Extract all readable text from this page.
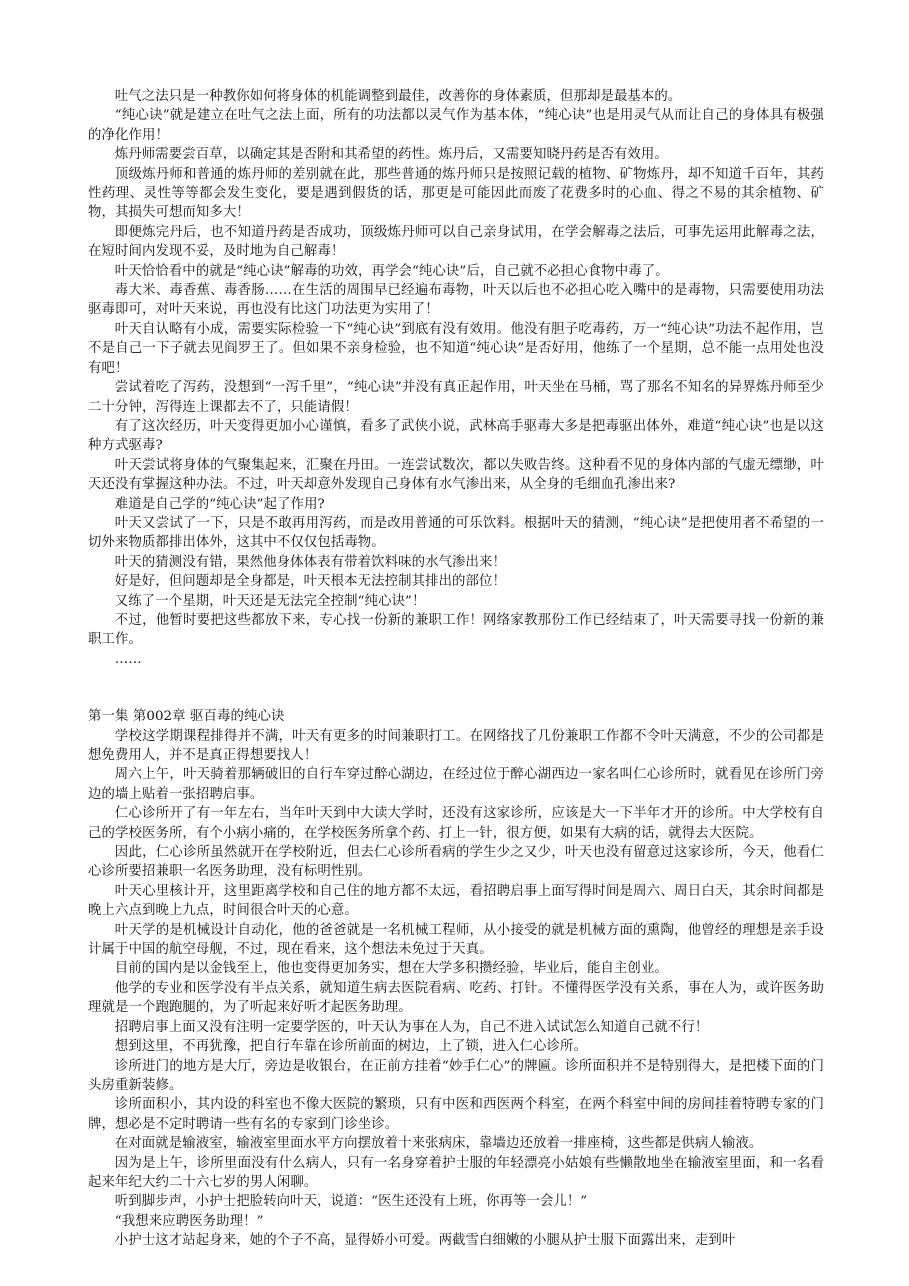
吐气之法只是一种教你如何将身体的机能调整到最佳，改善你的身体素质，但那却是最基本的。

“纯心诀”就是建立在吐气之法上面，所有的功法都以灵气作为基本体，“纯心诀”也是用灵气从而让自己的身体具有极强的净化作用！

炼丹师需要尝百草，以确定其是否附和其希望的药性。炼丹后，又需要知晓丹药是否有效用。

顶级炼丹师和普通的炼丹师的差别就在此，那些普通的炼丹师只是按照记载的植物、矿物炼丹，却不知道千百年，其药性药理、灵性等等都会发生变化，要是遇到假货的话，那更是可能因此而废了花费多时的心血、得之不易的其余植物、矿物，其损失可想而知多大！

即便炼完丹后，也不知道丹药是否成功，顶级炼丹师可以自己亲身试用，在学会解毒之法后，可事先运用此解毒之法，在短时间内发现不妥，及时地为自己解毒！

叶天恰恰看中的就是“纯心诀”解毒的功效，再学会“纯心诀”后，自己就不必担心食物中毒了。

毒大米、毒香蕉、毒香肠……在生活的周围早已经遍布毒物，叶天以后也不必担心吃入嘴中的是毒物，只需要使用功法驱毒即可，对叶天来说，再也没有比这门功法更为实用了！

叶天自认略有小成，需要实际检验一下“纯心诀”到底有没有效用。他没有胆子吃毒药，万一“纯心诀”功法不起作用，岂不是自己一下子就去见阎罗王了。但如果不亲身检验，也不知道“纯心诀”是否好用，他练了一个星期，总不能一点用处也没有吧！

尝试着吃了泻药，没想到“一泻千里”，“纯心诀”并没有真正起作用，叶天坐在马桶，骂了那名不知名的异界炼丹师至少二十分钟，泻得连上课都去不了，只能请假！

有了这次经历，叶天变得更加小心谨慎，看多了武侠小说，武林高手驱毒大多是把毒驱出体外，难道“纯心诀”也是以这种方式驱毒?

叶天尝试将身体的气聚集起来，汇聚在丹田。一连尝试数次，都以失败告终。这种看不见的身体内部的气虚无缥缈，叶天还没有掌握这种办法。不过，叶天却意外发现自己身体有水气渗出来，从全身的毛细血孔渗出来?

难道是自己学的“纯心诀”起了作用?

叶天又尝试了一下，只是不敢再用泻药，而是改用普通的可乐饮料。根据叶天的猜测，“纯心诀”是把使用者不希望的一切外来物质都排出体外，这其中不仅仅包括毒物。

叶天的猜测没有错，果然他身体体表有带着饮料味的水气渗出来！

好是好，但问题却是全身都是，叶天根本无法控制其排出的部位！

又练了一个星期，叶天还是无法完全控制“纯心诀”！

不过，他暂时要把这些都放下来，专心找一份新的兼职工作！网络家教那份工作已经结束了，叶天需要寻找一份新的兼职工作。

……

第一集 第002章 驱百毒的纯心诀

学校这学期课程排得并不满，叶天有更多的时间兼职打工。在网络找了几份兼职工作都不令叶天满意，不少的公司都是想免费用人，并不是真正得想要找人！

周六上午，叶天骑着那辆破旧的自行车穿过醉心湖边，在经过位于醉心湖西边一家名叫仁心诊所时，就看见在诊所门旁边的墙上贴着一张招聘启事。

仁心诊所开了有一年左右，当年叶天到中大读大学时，还没有这家诊所，应该是大一下半年才开的诊所。中大学校有自己的学校医务所，有个小病小痛的，在学校医务所拿个药、打上一针，很方便，如果有大病的话，就得去大医院。

因此，仁心诊所虽然就开在学校附近，但去仁心诊所看病的学生少之又少，叶天也没有留意过这家诊所，今天，他看仁心诊所要招兼职一名医务助理，没有标明性别。

叶天心里核计开，这里距离学校和自己住的地方都不太远，看招聘启事上面写得时间是周六、周日白天，其余时间都是晚上六点到晚上九点，时间很合叶天的心意。

叶天学的是机械设计自动化，他的爸爸就是一名机械工程师，从小接受的就是机械方面的熏陶，他曾经的理想是亲手设计属于中国的航空母舰，不过，现在看来，这个想法未免过于天真。

目前的国内是以金钱至上，他也变得更加务实，想在大学多积攒经验，毕业后，能自主创业。

他学的专业和医学没有半点关系，就知道生病去医院看病、吃药、打针。不懂得医学没有关系，事在人为，或许医务助理就是一个跑跑腿的，为了听起来好听才起医务助理。

招聘启事上面又没有注明一定要学医的，叶天认为事在人为，自己不进入试试怎么知道自己就不行！

想到这里，不再犹豫，把自行车靠在诊所前面的树边，上了锁，进入仁心诊所。

诊所进门的地方是大厅，旁边是收银台，在正前方挂着“妙手仁心”的牌匾。诊所面积并不是特别得大，是把楼下面的门头房重新装修。

诊所面积小，其内设的科室也不像大医院的繁琐，只有中医和西医两个科室，在两个科室中间的房间挂着特聘专家的门牌，想必是不定时聘请一些有名的专家到门诊坐诊。

在对面就是输液室，输液室里面水平方向摆放着十来张病床，靠墙边还放着一排座椅，这些都是供病人输液。

因为是上午，诊所里面没有什么病人，只有一名身穿着护士服的年轻漂亮小姑娘有些懒散地坐在输液室里面，和一名看起来年纪大约二十六七岁的男人闲聊。

听到脚步声，小护士把脸转向叶天，说道：“医生还没有上班，你再等一会儿！”

“我想来应聘医务助理！”

小护士这才站起身来，她的个子不高，显得娇小可爱。两截雪白细嫩的小腿从护士服下面露出来，走到叶
